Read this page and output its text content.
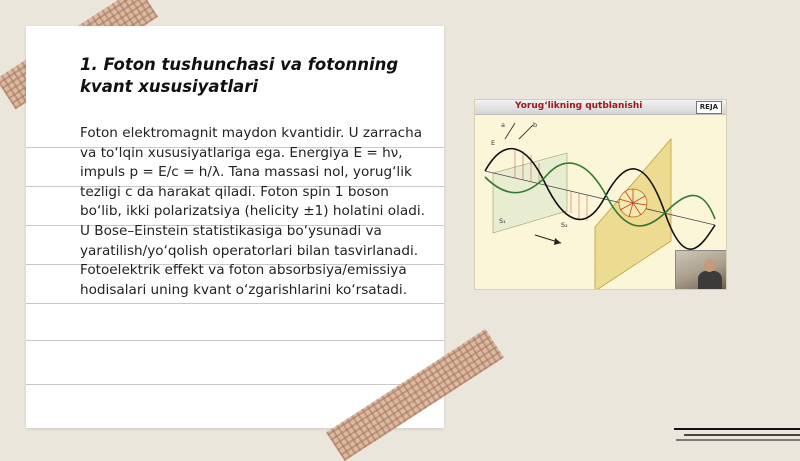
1. Foton tushunchasi va fotonning kvant xususiyatlari

Foton elektromagnit maydon kvantidir. U zarracha va to‘lqin xususiyatlariga ega. Energiya E = hν, impuls p = E/c = h/λ. Tana massasi nol, yorug‘lik tezligi c da harakat qiladi. Foton spin 1 boson bo‘lib, ikki polarizatsiya (helicity ±1) holatini oladi. U Bose–Einstein statistikasiga bo‘ysunadi va yaratilish/yo‘qolish operatorlari bilan tasvirlanadi. Fotoelektrik effekt va foton absorbsiya/emissiya hodisalari uning kvant o‘zgarishlarini ko‘rsatadi.

Yorug‘likning qutblanishi	REJA
a	b
S₁	S₂
E
